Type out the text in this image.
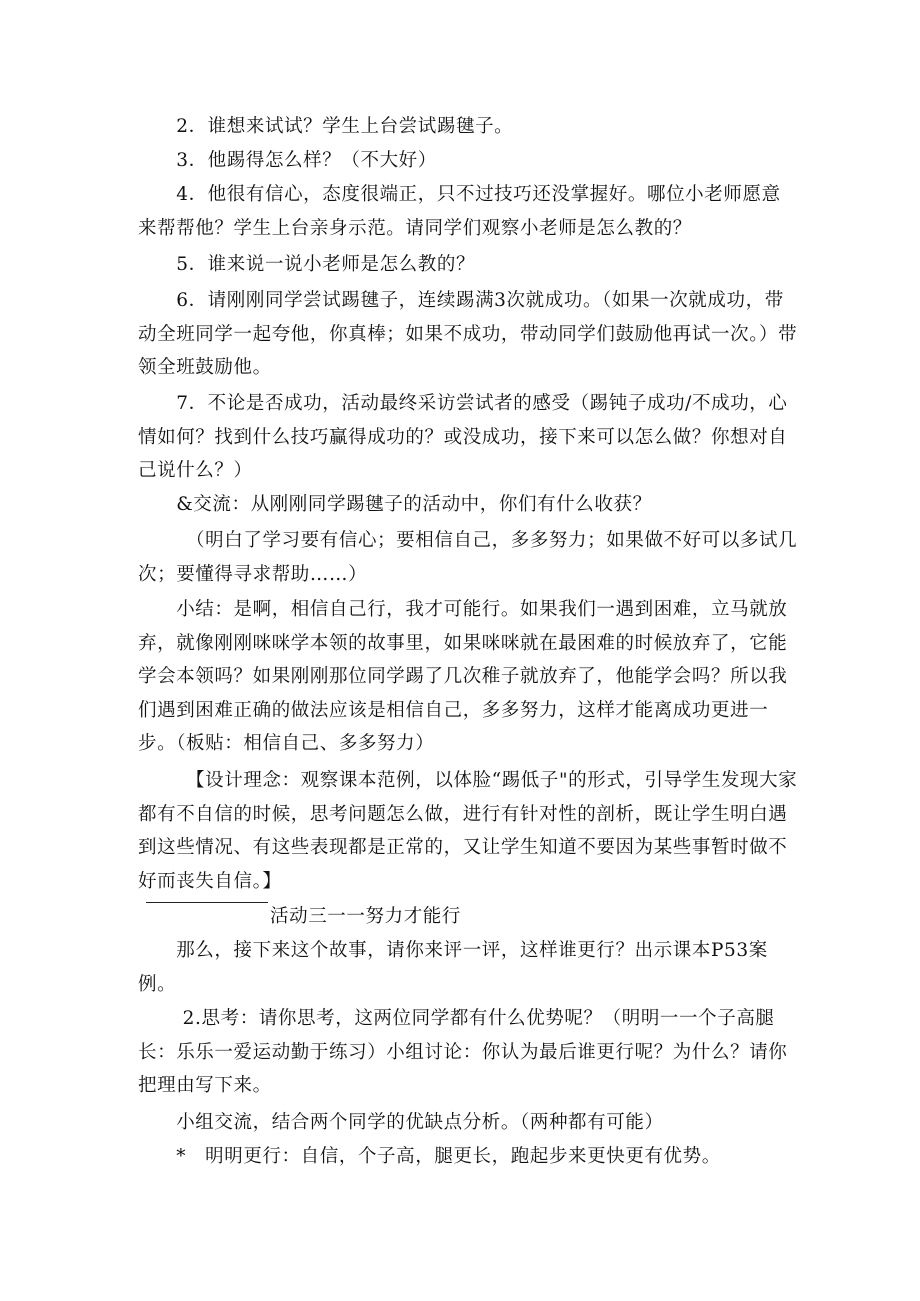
　　2．谁想来试试？学生上台尝试踢毽子。

　　3．他踢得怎么样？（不大好）

　　4．他很有信心，态度很端正，只不过技巧还没掌握好。哪位小老师愿意来帮帮他？学生上台亲身示范。请同学们观察小老师是怎么教的？

　　5．谁来说一说小老师是怎么教的？

　　6．请刚刚同学尝试踢毽子，连续踢满3次就成功。（如果一次就成功，带动全班同学一起夸他，你真棒；如果不成功，带动同学们鼓励他再试一次。）带领全班鼓励他。

　　7．不论是否成功，活动最终采访尝试者的感受（踢钝子成功/不成功，心情如何？找到什么技巧赢得成功的？或没成功，接下来可以怎么做？你想对自己说什么？）

　　&交流：从刚刚同学踢毽子的活动中，你们有什么收获？

　　　（明白了学习要有信心；要相信自己，多多努力；如果做不好可以多试几次；要懂得寻求帮助……）

　　小结：是啊，相信自己行，我才可能行。如果我们一遇到困难，立马就放弃，就像刚刚咪咪学本领的故事里，如果咪咪就在最困难的时候放弃了，它能学会本领吗？如果刚刚那位同学踢了几次稚子就放弃了，他能学会吗？所以我们遇到困难正确的做法应该是相信自己，多多努力，这样才能离成功更进一步。（板贴：相信自己、多多努力）

　　　【设计理念：观察课本范例，以体脸“踢低子"的形式，引导学生发现大家都有不自信的时候，思考问题怎么做，进行有针对性的剖析，既让学生明白遇到这些情况、有这些表现都是正常的，又让学生知道不要因为某些事暂时做不好而丧失自信。】

活动三一一努力才能行

　　那么，接下来这个故事，请你来评一评，这样谁更行？出示课本P53案例。

　　 2.思考：请你思考，这两位同学都有什么优势呢？（明明一一个子高腿长：乐乐一爱运动勤于练习）小组讨论：你认为最后谁更行呢？为什么？请你把理由写下来。

　　小组交流，结合两个同学的优缺点分析。（两种都有可能）

　　*　明明更行：自信，个子高，腿更长，跑起步来更快更有优势。
